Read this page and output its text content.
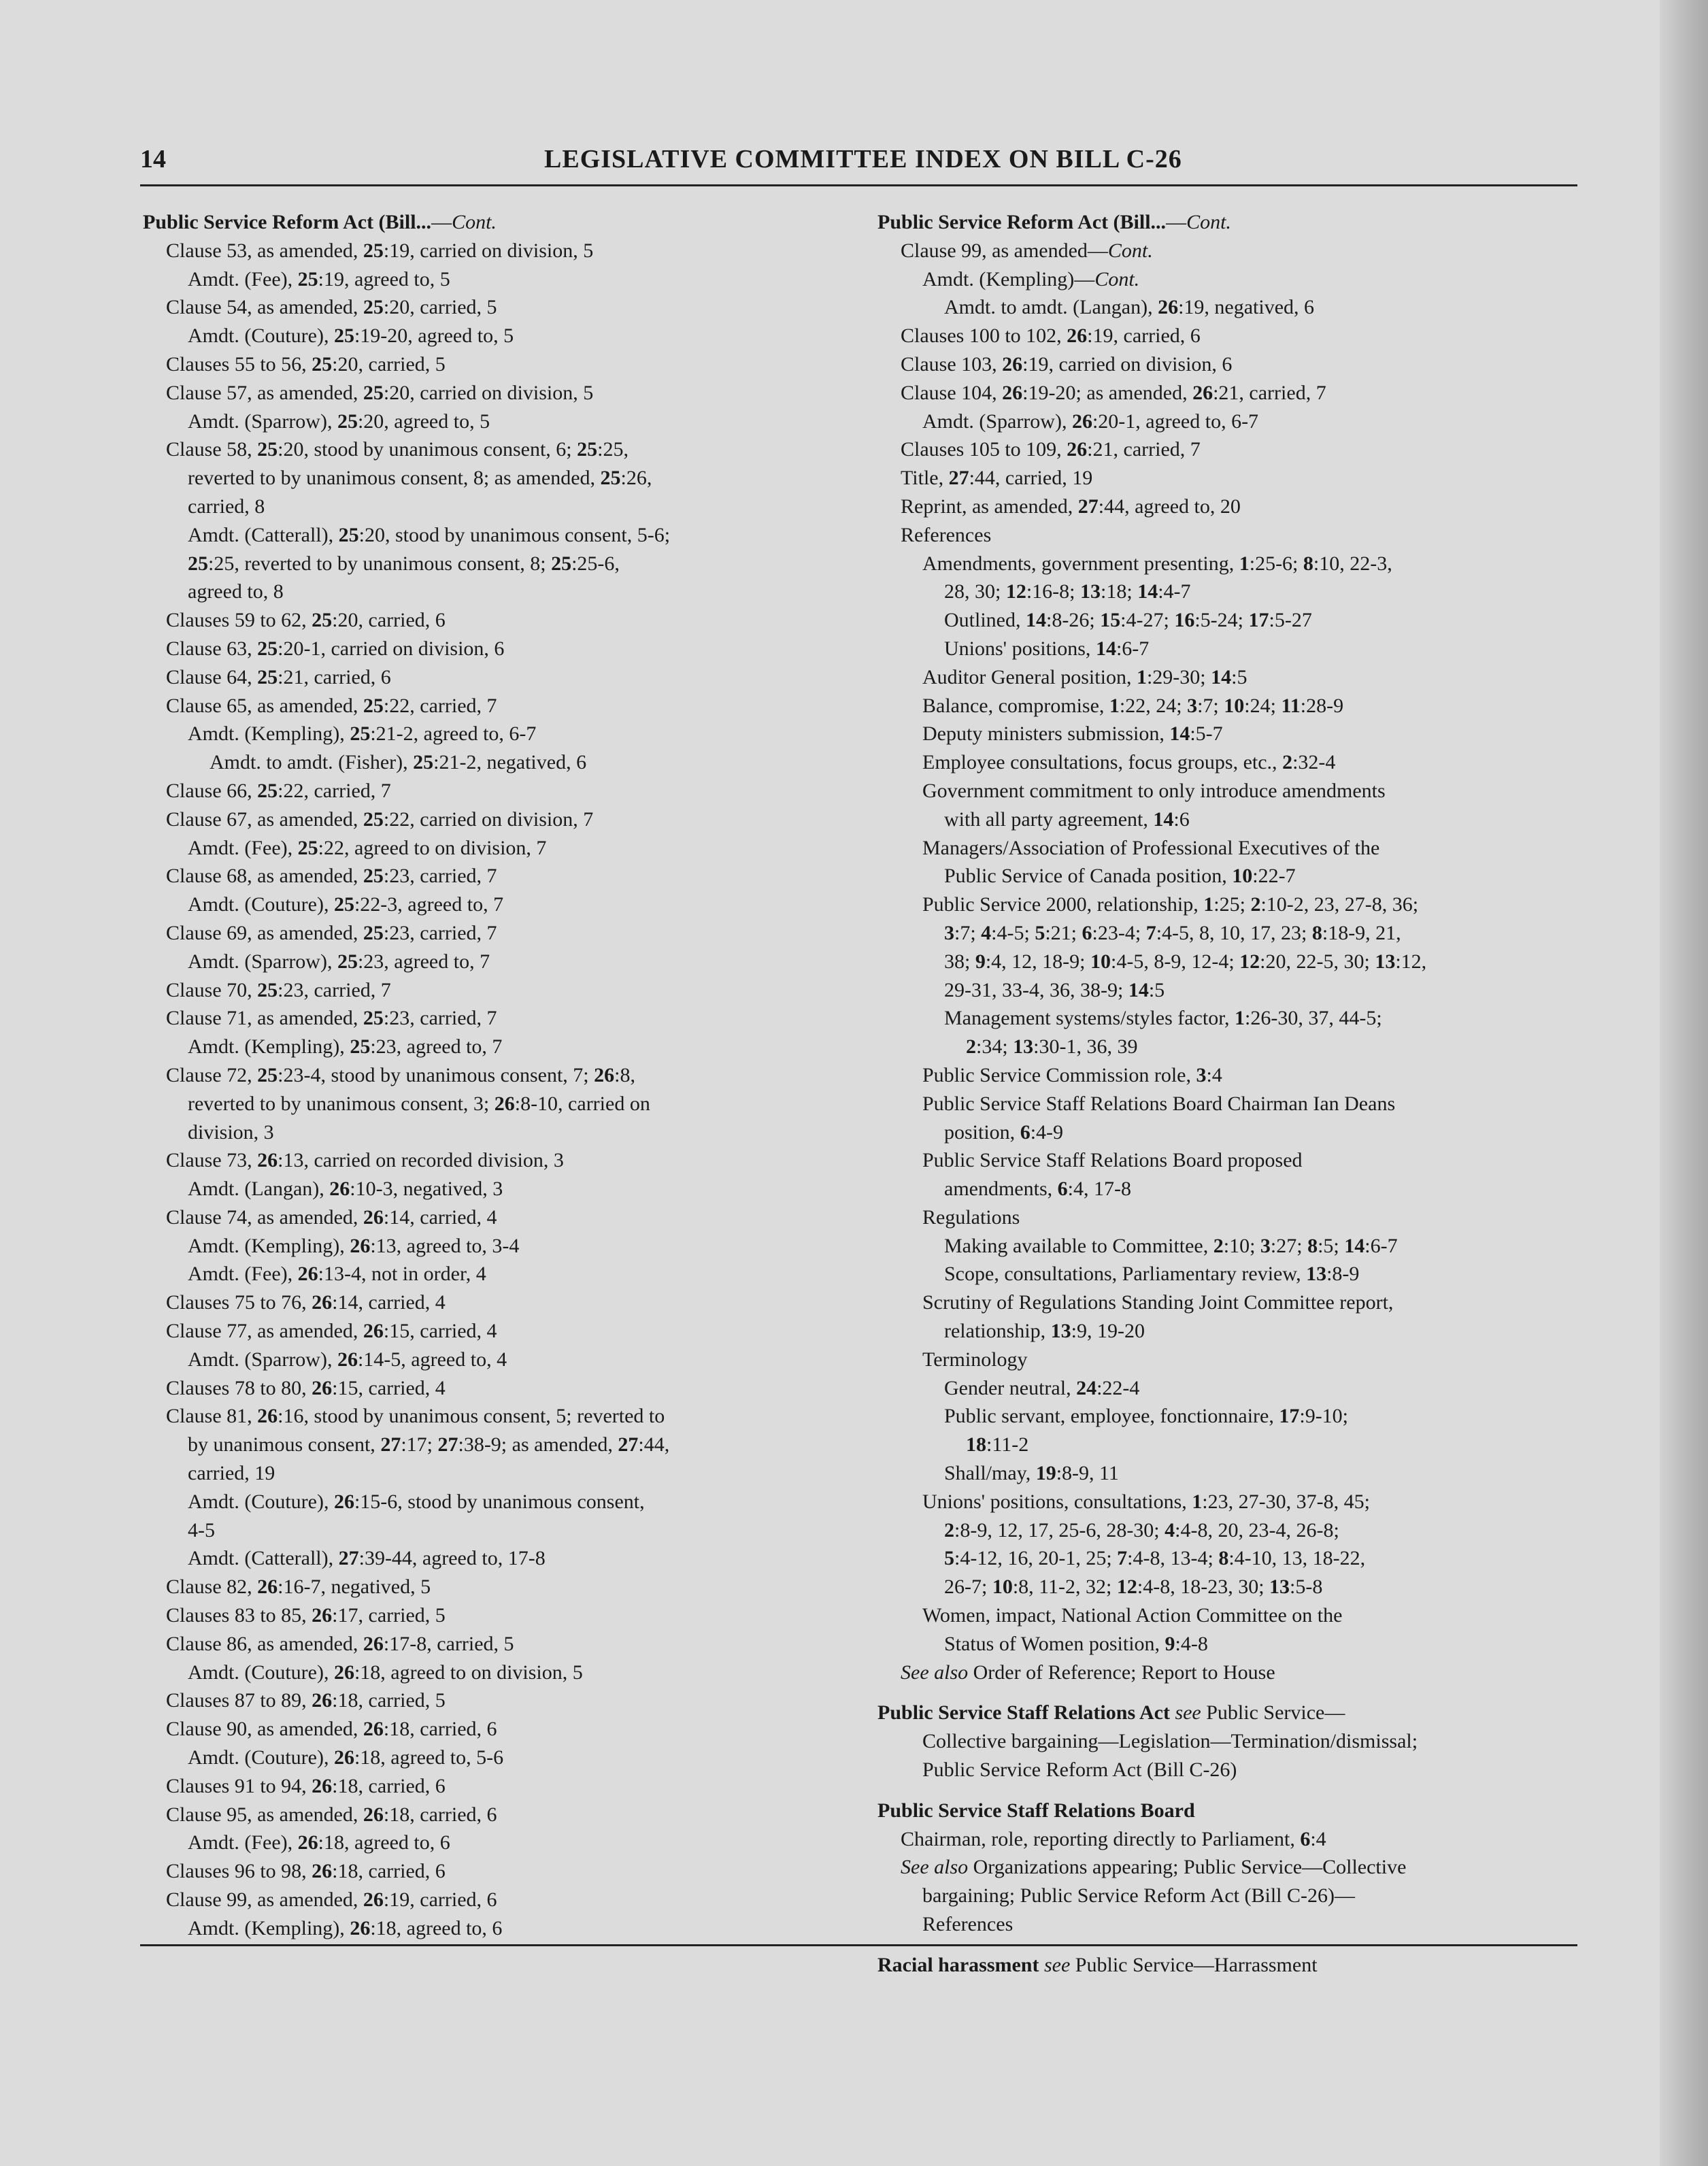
14	LEGISLATIVE COMMITTEE INDEX ON BILL C-26
Public Service Reform Act (Bill...—Cont.
Clause 53, as amended, 25:19, carried on division, 5
Amdt. (Fee), 25:19, agreed to, 5
Clause 54, as amended, 25:20, carried, 5
Amdt. (Couture), 25:19-20, agreed to, 5
Clauses 55 to 56, 25:20, carried, 5
Clause 57, as amended, 25:20, carried on division, 5
Amdt. (Sparrow), 25:20, agreed to, 5
Clause 58, 25:20, stood by unanimous consent, 6; 25:25,
reverted to by unanimous consent, 8; as amended, 25:26,
carried, 8
Amdt. (Catterall), 25:20, stood by unanimous consent, 5-6;
25:25, reverted to by unanimous consent, 8; 25:25-6,
agreed to, 8
Clauses 59 to 62, 25:20, carried, 6
Clause 63, 25:20-1, carried on division, 6
Clause 64, 25:21, carried, 6
Clause 65, as amended, 25:22, carried, 7
Amdt. (Kempling), 25:21-2, agreed to, 6-7
Amdt. to amdt. (Fisher), 25:21-2, negatived, 6
Clause 66, 25:22, carried, 7
Clause 67, as amended, 25:22, carried on division, 7
Amdt. (Fee), 25:22, agreed to on division, 7
Clause 68, as amended, 25:23, carried, 7
Amdt. (Couture), 25:22-3, agreed to, 7
Clause 69, as amended, 25:23, carried, 7
Amdt. (Sparrow), 25:23, agreed to, 7
Clause 70, 25:23, carried, 7
Clause 71, as amended, 25:23, carried, 7
Amdt. (Kempling), 25:23, agreed to, 7
Clause 72, 25:23-4, stood by unanimous consent, 7; 26:8,
reverted to by unanimous consent, 3; 26:8-10, carried on
division, 3
Clause 73, 26:13, carried on recorded division, 3
Amdt. (Langan), 26:10-3, negatived, 3
Clause 74, as amended, 26:14, carried, 4
Amdt. (Kempling), 26:13, agreed to, 3-4
Amdt. (Fee), 26:13-4, not in order, 4
Clauses 75 to 76, 26:14, carried, 4
Clause 77, as amended, 26:15, carried, 4
Amdt. (Sparrow), 26:14-5, agreed to, 4
Clauses 78 to 80, 26:15, carried, 4
Clause 81, 26:16, stood by unanimous consent, 5; reverted to
by unanimous consent, 27:17; 27:38-9; as amended, 27:44,
carried, 19
Amdt. (Couture), 26:15-6, stood by unanimous consent,
4-5
Amdt. (Catterall), 27:39-44, agreed to, 17-8
Clause 82, 26:16-7, negatived, 5
Clauses 83 to 85, 26:17, carried, 5
Clause 86, as amended, 26:17-8, carried, 5
Amdt. (Couture), 26:18, agreed to on division, 5
Clauses 87 to 89, 26:18, carried, 5
Clause 90, as amended, 26:18, carried, 6
Amdt. (Couture), 26:18, agreed to, 5-6
Clauses 91 to 94, 26:18, carried, 6
Clause 95, as amended, 26:18, carried, 6
Amdt. (Fee), 26:18, agreed to, 6
Clauses 96 to 98, 26:18, carried, 6
Clause 99, as amended, 26:19, carried, 6
Amdt. (Kempling), 26:18, agreed to, 6
Public Service Reform Act (Bill...—Cont.
Clause 99, as amended—Cont.
Amdt. (Kempling)—Cont.
Amdt. to amdt. (Langan), 26:19, negatived, 6
Clauses 100 to 102, 26:19, carried, 6
Clause 103, 26:19, carried on division, 6
Clause 104, 26:19-20; as amended, 26:21, carried, 7
Amdt. (Sparrow), 26:20-1, agreed to, 6-7
Clauses 105 to 109, 26:21, carried, 7
Title, 27:44, carried, 19
Reprint, as amended, 27:44, agreed to, 20
References
Amendments, government presenting, 1:25-6; 8:10, 22-3,
28, 30; 12:16-8; 13:18; 14:4-7
Outlined, 14:8-26; 15:4-27; 16:5-24; 17:5-27
Unions' positions, 14:6-7
Auditor General position, 1:29-30; 14:5
Balance, compromise, 1:22, 24; 3:7; 10:24; 11:28-9
Deputy ministers submission, 14:5-7
Employee consultations, focus groups, etc., 2:32-4
Government commitment to only introduce amendments
with all party agreement, 14:6
Managers/Association of Professional Executives of the
Public Service of Canada position, 10:22-7
Public Service 2000, relationship, 1:25; 2:10-2, 23, 27-8, 36;
3:7; 4:4-5; 5:21; 6:23-4; 7:4-5, 8, 10, 17, 23; 8:18-9, 21,
38; 9:4, 12, 18-9; 10:4-5, 8-9, 12-4; 12:20, 22-5, 30; 13:12,
29-31, 33-4, 36, 38-9; 14:5
Management systems/styles factor, 1:26-30, 37, 44-5;
2:34; 13:30-1, 36, 39
Public Service Commission role, 3:4
Public Service Staff Relations Board Chairman Ian Deans
position, 6:4-9
Public Service Staff Relations Board proposed
amendments, 6:4, 17-8
Regulations
Making available to Committee, 2:10; 3:27; 8:5; 14:6-7
Scope, consultations, Parliamentary review, 13:8-9
Scrutiny of Regulations Standing Joint Committee report,
relationship, 13:9, 19-20
Terminology
Gender neutral, 24:22-4
Public servant, employee, fonctionnaire, 17:9-10;
18:11-2
Shall/may, 19:8-9, 11
Unions' positions, consultations, 1:23, 27-30, 37-8, 45;
2:8-9, 12, 17, 25-6, 28-30; 4:4-8, 20, 23-4, 26-8;
5:4-12, 16, 20-1, 25; 7:4-8, 13-4; 8:4-10, 13, 18-22,
26-7; 10:8, 11-2, 32; 12:4-8, 18-23, 30; 13:5-8
Women, impact, National Action Committee on the
Status of Women position, 9:4-8
See also Order of Reference; Report to House
Public Service Staff Relations Act see Public Service—
Collective bargaining—Legislation—Termination/dismissal;
Public Service Reform Act (Bill C-26)
Public Service Staff Relations Board
Chairman, role, reporting directly to Parliament, 6:4
See also Organizations appearing; Public Service—Collective
bargaining; Public Service Reform Act (Bill C-26)—
References
Racial harassment see Public Service—Harrassment
